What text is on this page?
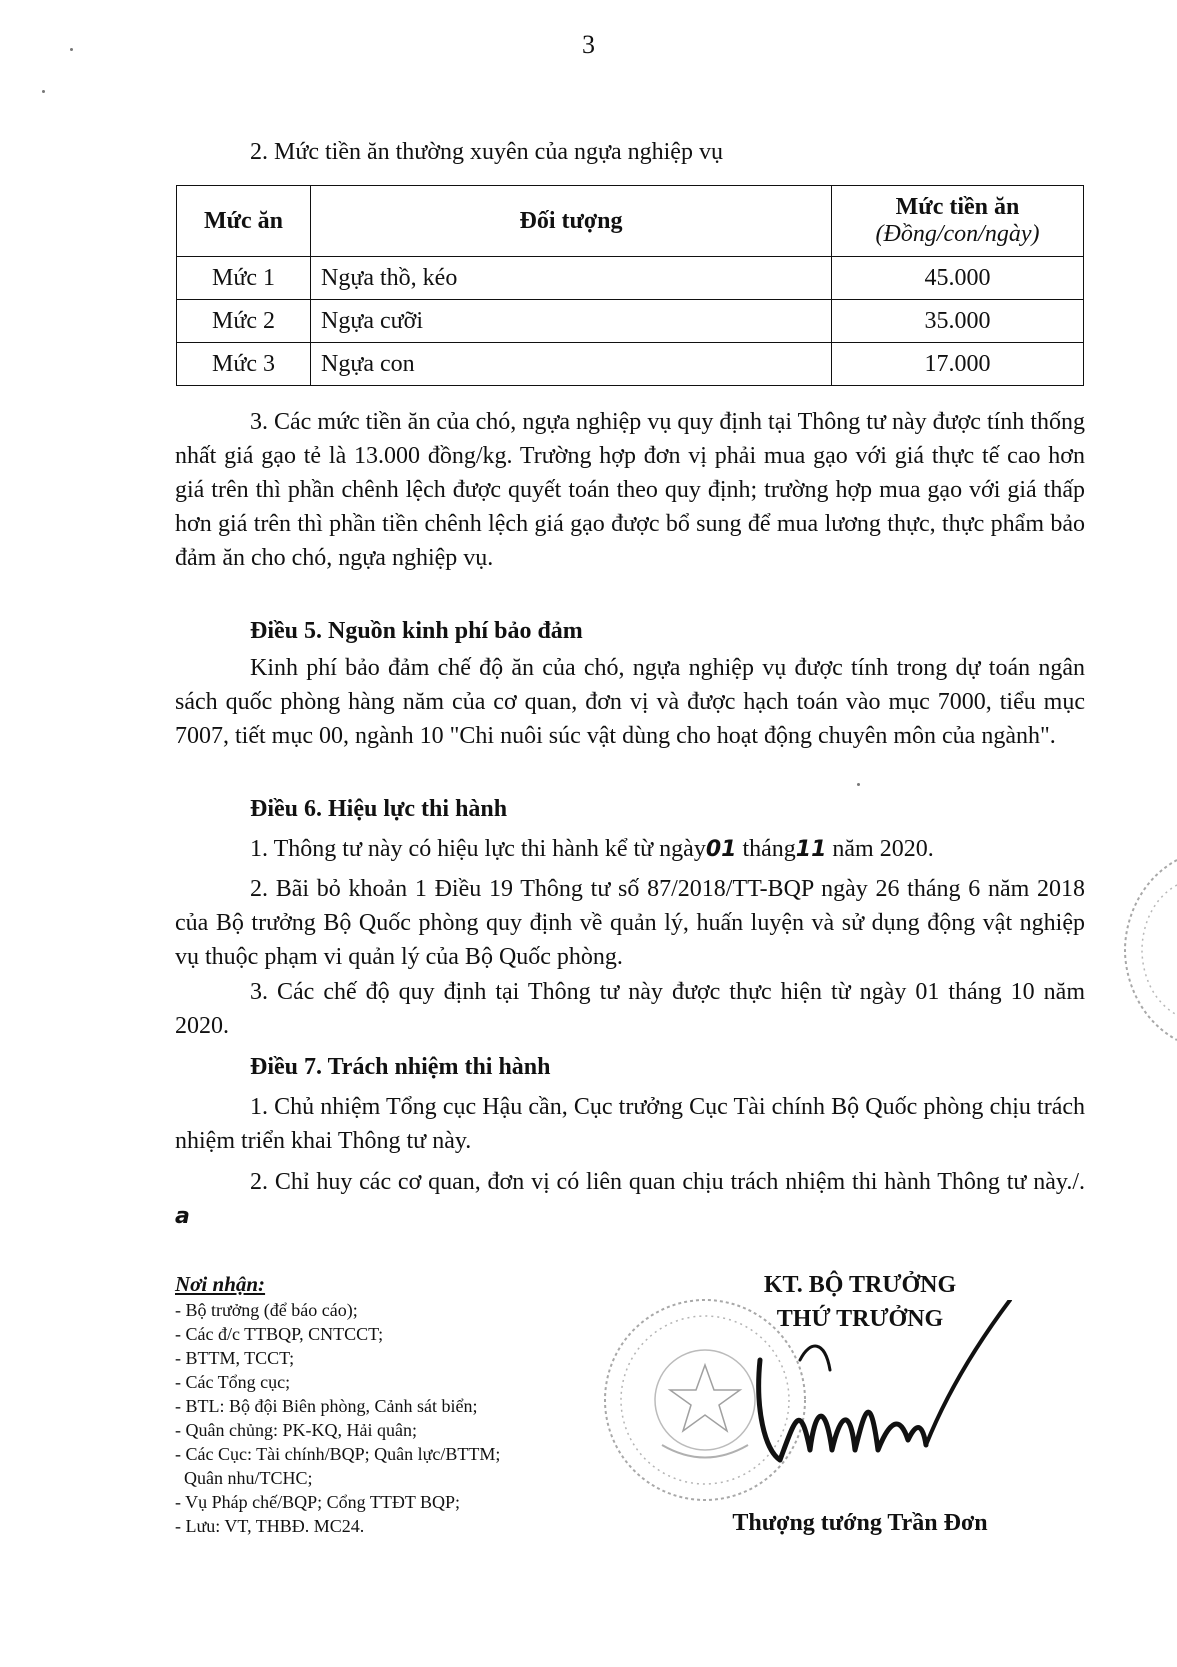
3
2. Mức tiền ăn thường xuyên của ngựa nghiệp vụ
Mức ăn	Đối tượng	Mức tiền ăn
(Đồng/con/ngày)

Mức 1	Ngựa thồ, kéo	45.000
Mức 2	Ngựa cưỡi	35.000
Mức 3	Ngựa con	17.000
3. Các mức tiền ăn của chó, ngựa nghiệp vụ quy định tại Thông tư này được tính thống nhất giá gạo tẻ là 13.000 đồng/kg. Trường hợp đơn vị phải mua gạo với giá thực tế cao hơn giá trên thì phần chênh lệch được quyết toán theo quy định; trường hợp mua gạo với giá thấp hơn giá trên thì phần tiền chênh lệch giá gạo được bổ sung để mua lương thực, thực phẩm bảo đảm ăn cho chó, ngựa nghiệp vụ.
Điều 5. Nguồn kinh phí bảo đảm
Kinh phí bảo đảm chế độ ăn của chó, ngựa nghiệp vụ được tính trong dự toán ngân sách quốc phòng hàng năm của cơ quan, đơn vị và được hạch toán vào mục 7000, tiểu mục 7007, tiết mục 00, ngành 10 "Chi nuôi súc vật dùng cho hoạt động chuyên môn của ngành".
Điều 6. Hiệu lực thi hành
1. Thông tư này có hiệu lực thi hành kể từ ngày01 tháng11 năm 2020.
2. Bãi bỏ khoản 1 Điều 19 Thông tư số 87/2018/TT-BQP ngày 26 tháng 6 năm 2018 của Bộ trưởng Bộ Quốc phòng quy định về quản lý, huấn luyện và sử dụng động vật nghiệp vụ thuộc phạm vi quản lý của Bộ Quốc phòng.
3. Các chế độ quy định tại Thông tư này được thực hiện từ ngày 01 tháng 10 năm 2020.
Điều 7. Trách nhiệm thi hành
1. Chủ nhiệm Tổng cục Hậu cần, Cục trưởng Cục Tài chính Bộ Quốc phòng chịu trách nhiệm triển khai Thông tư này.
2. Chỉ huy các cơ quan, đơn vị có liên quan chịu trách nhiệm thi hành Thông tư này./. a
Nơi nhận:
- Bộ trưởng (để báo cáo);
- Các đ/c TTBQP, CNTCCT;
- BTTM, TCCT;
- Các Tổng cục;
- BTL: Bộ đội Biên phòng, Cảnh sát biển;
- Quân chủng: PK-KQ, Hải quân;
- Các Cục: Tài chính/BQP; Quân lực/BTTM;
Quân nhu/TCHC;
- Vụ Pháp chế/BQP; Cổng TTĐT BQP;
- Lưu: VT, THBĐ. MC24.
KT. BỘ TRƯỞNG
THỨ TRƯỞNG
Thượng tướng Trần Đơn
